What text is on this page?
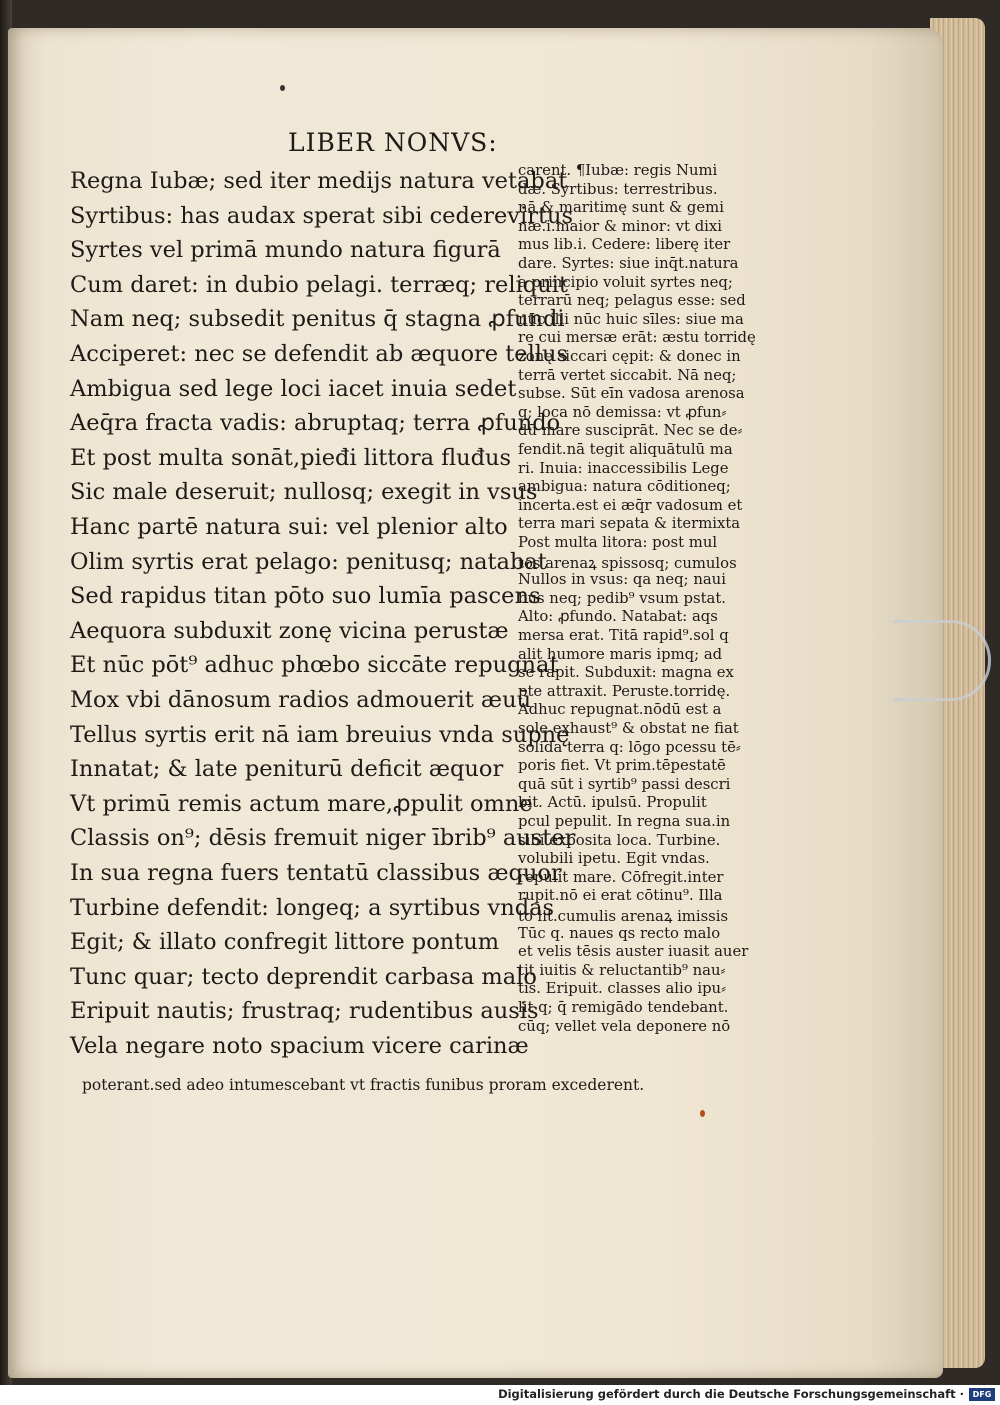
LIBER NONVS:
poterant.sed adeo intumescebant vt fractis funibus proram excederent.
Regna Iubæ; sed iter medijs natura vetabat
Syrtibus: has audax sperat sibi cederevirtus
Syrtes vel primā mundo natura figurā
Cum daret: in dubio pelagi. terræq; reliquit
Nam neq; subsedit penitus q̄ stagna ꝓfundi
Acciperet: nec se defendit ab æquore tellus
Ambigua sed lege loci iacet inuia sedet
Aeq̄ra fracta vadis: abruptaq; terra ꝓfundo
Et post multa sonāt,pieđi littora fluđus
Sic male deseruit; nullosq; exegit in vsus
Hanc partē natura sui: vel plenior alto
Olim syrtis erat pelago: penitusq; natabat
Sed rapidus titan pōto suo lumīa pascens
Aequora subduxit zonę vicina perustæ
Et nūc pōt⁹ adhuc phœbo siccāte repugnat
Mox vbi dānosum radios admouerit æuū
Tellus syrtis erit nā iam breuius vnda supnę
Innatat; & late peniturū deficit æquor
Vt primū remis actum mare,ꝓpulit omne
Classis on⁹; dēsis fremuit niger ībrib⁹ auster
In sua regna fuers tentatū classibus æquor
Turbine defendit: longeq; a syrtibus vndas
Egit; & illato confregit littore pontum
Tunc quar; tecto deprendit carbasa malo
Eripuit nautis; frustraq; rudentibus ausis
Vela negare noto spacium vicere carinæ
carent. ¶Iubæ: regis Numi
dæ. Syrtibus: terrestribus.
nā & maritimę sunt & gemi
næ.i.maior & minor: vt dixi
mus lib.i. Cedere: liberę iter
dare. Syrtes: siue inq̄t.natura
a principio voluit syrtes neq;
terrarū neq; pelagus esse: sed
nūc illi nūc huic sīles: siue ma
re cui mersæ erāt: æstu torridę
zonę siccari cępit: & donec in
terrā vertet siccabit. Nā neq;
subse. Sūt eīn vadosa arenosa
q; loca nō demissa: vt ꝓfun⸗
dū mare susciprāt. Nec se de⸗
fendit.nā tegit aliquātulū ma
ri. Inuia: inaccessibilis Lege
ambigua: natura cōditioneq;
incerta.est ei æq̄r vadosum et
terra mari sepata & itermixta
Post multa litora: post mul
tos arenaꝝ spissosq; cumulos
Nullos in vsus: qa neq; naui
bus neq; pedib⁹ vsum pstat.
Alto: ꝓfundo. Natabat: aqs
mersa erat. Titā rapid⁹.sol q
alit humore maris ipmq; ad
se rapit. Subduxit: magna ex
pte attraxit. Peruste.torridę.
Adhuc repugnat.nōdū est a
sole exhaust⁹ & obstat ne fiat
solida terra q: lōgo pcessu tē⸗
poris fiet. Vt prim.tēpestatē
quā sūt i syrtib⁹ passi descri
bit. Actū. ipulsū. Propulit
pcul pepulit. In regna sua.in
sibi exposita loca. Turbine.
volubili ipetu. Egit vndas.
repulit mare. Cōfregit.inter
rupit.nō ei erat cōtinu⁹. Illa
to lit.cumulis arenaꝝ imissis
Tūc q. naues qs recto malo
et velis tēsis auster iuasit auer
tit iuitis & reluctantib⁹ nau⸗
tis. Eripuit. classes alio ipu⸗
lit q; q̄ remigādo tendebant.
cūq; vellet vela deponere nō
Digitalisierung gefördert durch die Deutsche Forschungsgemeinschaft ·	DFG
